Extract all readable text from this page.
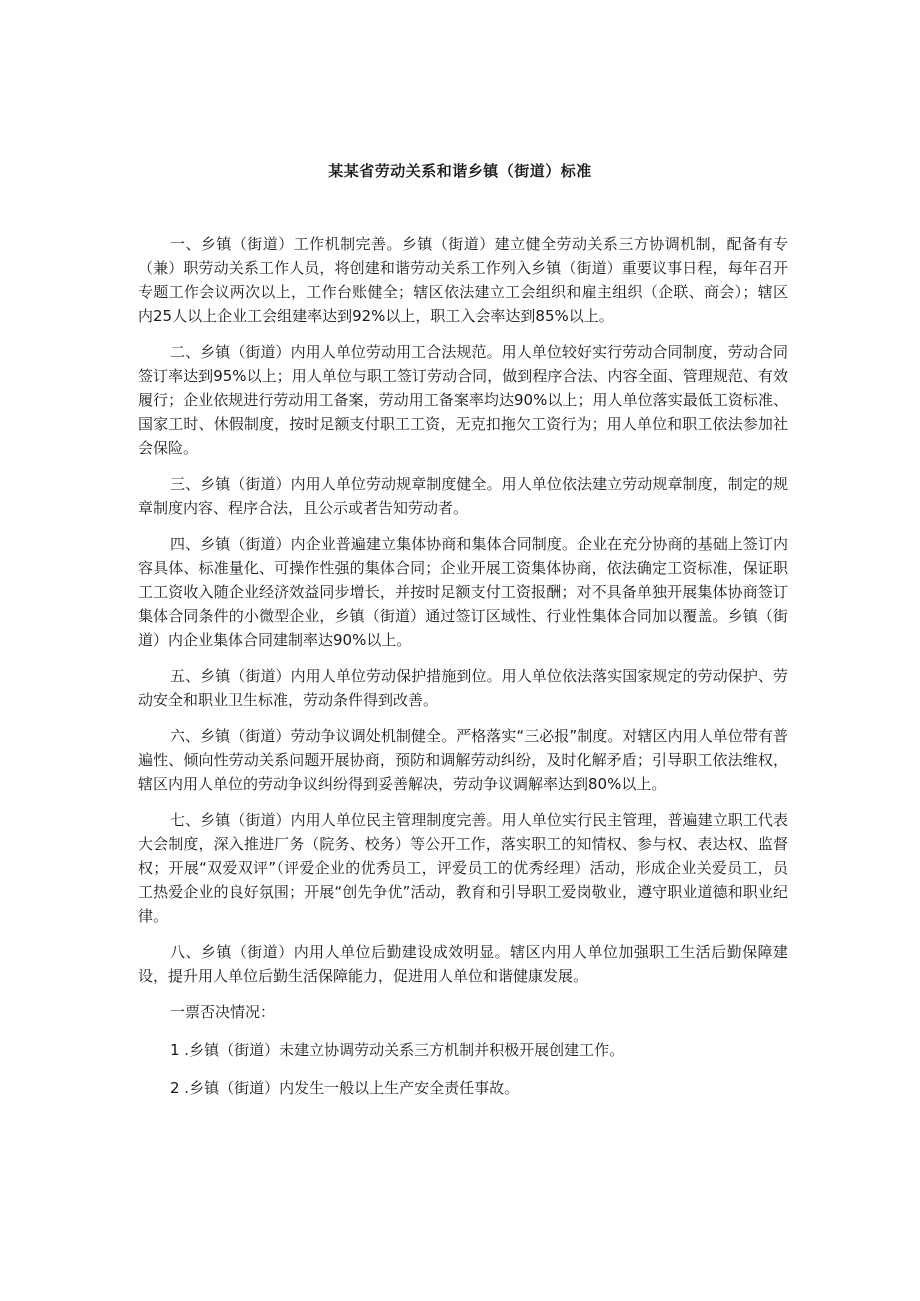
某某省劳动关系和谐乡镇（街道）标准

一、乡镇（街道）工作机制完善。乡镇（街道）建立健全劳动关系三方协调机制，配备有专（兼）职劳动关系工作人员，将创建和谐劳动关系工作列入乡镇（街道）重要议事日程，每年召开专题工作会议两次以上，工作台账健全；辖区依法建立工会组织和雇主组织（企联、商会）；辖区内25人以上企业工会组建率达到92%以上，职工入会率达到85%以上。

二、乡镇（街道）内用人单位劳动用工合法规范。用人单位较好实行劳动合同制度，劳动合同签订率达到95%以上；用人单位与职工签订劳动合同，做到程序合法、内容全面、管理规范、有效履行；企业依规进行劳动用工备案，劳动用工备案率均达90%以上；用人单位落实最低工资标准、国家工时、休假制度，按时足额支付职工工资，无克扣拖欠工资行为；用人单位和职工依法参加社会保险。

三、乡镇（街道）内用人单位劳动规章制度健全。用人单位依法建立劳动规章制度，制定的规章制度内容、程序合法，且公示或者告知劳动者。

四、乡镇（街道）内企业普遍建立集体协商和集体合同制度。企业在充分协商的基础上签订内容具体、标准量化、可操作性强的集体合同；企业开展工资集体协商，依法确定工资标准，保证职工工资收入随企业经济效益同步增长，并按时足额支付工资报酬；对不具备单独开展集体协商签订集体合同条件的小微型企业，乡镇（街道）通过签订区域性、行业性集体合同加以覆盖。乡镇（街道）内企业集体合同建制率达90%以上。

五、乡镇（街道）内用人单位劳动保护措施到位。用人单位依法落实国家规定的劳动保护、劳动安全和职业卫生标准，劳动条件得到改善。

六、乡镇（街道）劳动争议调处机制健全。严格落实“三必报”制度。对辖区内用人单位带有普遍性、倾向性劳动关系问题开展协商，预防和调解劳动纠纷，及时化解矛盾；引导职工依法维权，辖区内用人单位的劳动争议纠纷得到妥善解决，劳动争议调解率达到80%以上。

七、乡镇（街道）内用人单位民主管理制度完善。用人单位实行民主管理，普遍建立职工代表大会制度，深入推进厂务（院务、校务）等公开工作，落实职工的知情权、参与权、表达权、监督权；开展“双爱双评”（评爱企业的优秀员工，评爱员工的优秀经理）活动，形成企业关爱员工，员工热爱企业的良好氛围；开展“创先争优”活动，教育和引导职工爱岗敬业，遵守职业道德和职业纪律。

八、乡镇（街道）内用人单位后勤建设成效明显。辖区内用人单位加强职工生活后勤保障建设，提升用人单位后勤生活保障能力，促进用人单位和谐健康发展。

一票否决情况：

1 .乡镇（街道）未建立协调劳动关系三方机制并积极开展创建工作。

2 .乡镇（街道）内发生一般以上生产安全责任事故。
